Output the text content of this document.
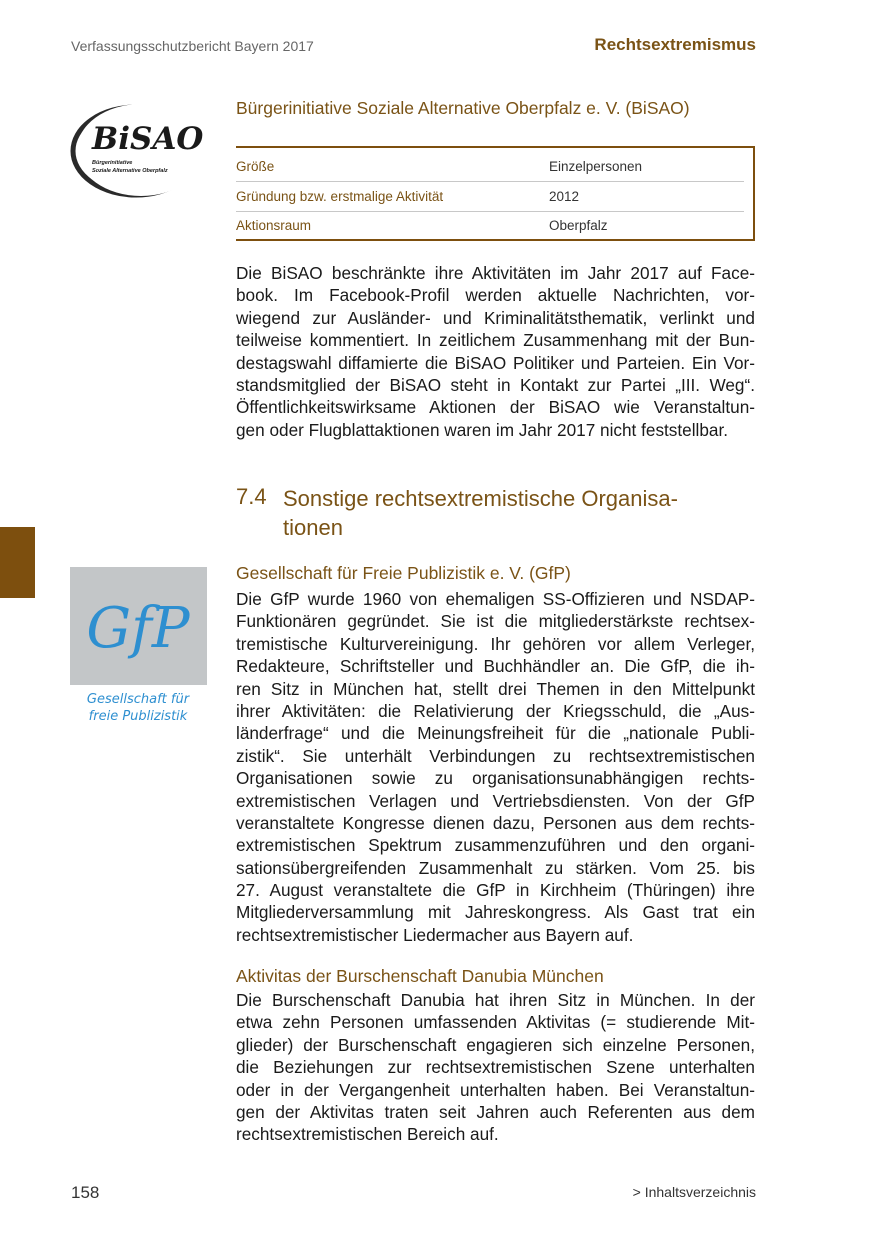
Verfassungsschutzbericht Bayern 2017	Rechtsextremismus
BiSAO
Bürgerinitiative
Soziale Alternative Oberpfalz
Bürgerinitiative Soziale Alternative Oberpfalz e. V. (BiSAO)
Größe	Einzelpersonen
Gründung bzw. erstmalige Aktivität	2012
Aktionsraum	Oberpfalz
Die BiSAO beschränkte ihre Aktivitäten im Jahr 2017 auf Face-
book. Im Facebook-Profil werden aktuelle Nachrichten, vor-
wiegend zur Ausländer- und Kriminalitätsthematik, verlinkt und
teilweise kommentiert. In zeitlichem Zusammenhang mit der Bun-
destagswahl diffamierte die BiSAO Politiker und Parteien. Ein Vor-
standsmitglied der BiSAO steht in Kontakt zur Partei „III. Weg“.
Öffentlichkeitswirksame Aktionen der BiSAO wie Veranstaltun-
gen oder Flugblattaktionen waren im Jahr 2017 nicht feststellbar.
7.4 Sonstige rechtsextremistische Organisa-
tionen
GfP
Gesellschaft für
freie Publizistik
Gesellschaft für Freie Publizistik e. V. (GfP)
Die GfP wurde 1960 von ehemaligen SS-Offizieren und NSDAP-
Funktionären gegründet. Sie ist die mitgliederstärkste rechtsex-
tremistische Kulturvereinigung. Ihr gehören vor allem Verleger,
Redakteure, Schriftsteller und Buchhändler an. Die GfP, die ih-
ren Sitz in München hat, stellt drei Themen in den Mittelpunkt
ihrer Aktivitäten: die Relativierung der Kriegsschuld, die „Aus-
länderfrage“ und die Meinungsfreiheit für die „nationale Publi-
zistik“. Sie unterhält Verbindungen zu rechtsextremistischen
Organisationen sowie zu organisationsunabhängigen rechts-
extremistischen Verlagen und Vertriebsdiensten. Von der GfP
veranstaltete Kongresse dienen dazu, Personen aus dem rechts-
extremistischen Spektrum zusammenzuführen und den organi-
sationsübergreifenden Zusammenhalt zu stärken. Vom 25. bis
27. August veranstaltete die GfP in Kirchheim (Thüringen) ihre
Mitgliederversammlung mit Jahreskongress. Als Gast trat ein
rechtsextremistischer Liedermacher aus Bayern auf.
Aktivitas der Burschenschaft Danubia München
Die Burschenschaft Danubia hat ihren Sitz in München. In der
etwa zehn Personen umfassenden Aktivitas (= studierende Mit-
glieder) der Burschenschaft engagieren sich einzelne Personen,
die Beziehungen zur rechtsextremistischen Szene unterhalten
oder in der Vergangenheit unterhalten haben. Bei Veranstaltun-
gen der Aktivitas traten seit Jahren auch Referenten aus dem
rechtsextremistischen Bereich auf.
158	> Inhaltsverzeichnis
